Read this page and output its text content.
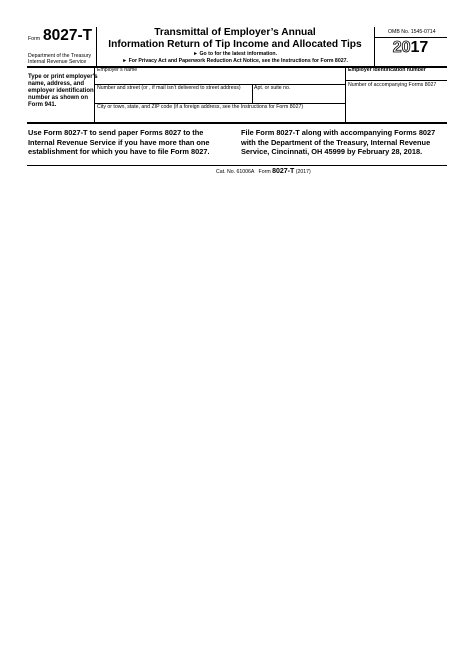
Form 8027-T
Department of the Treasury
Internal Revenue Service
Transmittal of Employer’s Annual
Information Return of Tip Income and Allocated Tips
► Go to for the latest information.
► For Privacy Act and Paperwork Reduction Act Notice, see the Instructions for Form 8027.
OMB No. 1545-0714
2017
Type or print employer’s
name, address, and
employer identification
number as shown on
Form 941.
Employer’s name
Number and street (or , if mail isn’t delivered to street address)	Apt. or suite no.
City or town, state, and ZIP code (if a foreign address, see the Instructions for Form 8027)
Employer identification number
Number of accompanying Forms 8027
Use Form 8027-T to send paper Forms 8027 to the
Internal Revenue Service if you have more than one
establishment for which you have to file Form 8027.
File Form 8027-T along with accompanying Forms 8027
with the Department of the Treasury, Internal Revenue
Service, Cincinnati, OH 45999 by February 28, 2018.
Cat. No. 61006A Form 8027-T (2017)
